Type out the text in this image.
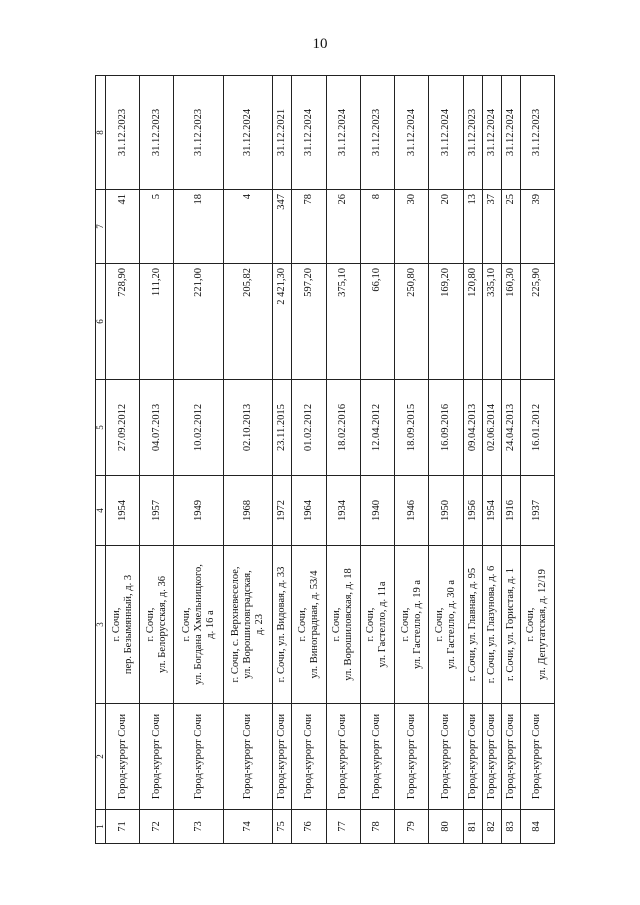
10
1	2	3	4	5	6	7	8
71	Город-курорт Сочи	г. Сочи,
пер. Безымянный, д. 3	1954	27.09.2012	728,90	41	31.12.2023
72	Город-курорт Сочи	г. Сочи,
ул. Белорусская, д. 36	1957	04.07.2013	111,20	5	31.12.2023
73	Город-курорт Сочи	г. Сочи,
ул. Богдана Хмельницкого,
д. 16 а	1949	10.02.2012	221,00	18	31.12.2023
74	Город-курорт Сочи	г. Сочи, с. Верхневеселое,
ул. Ворошиловградская,
д. 23	1968	02.10.2013	205,82	4	31.12.2024
75	Город-курорт Сочи	г. Сочи, ул. Видовая, д. 33	1972	23.11.2015	2 421,30	347	31.12.2021
76	Город-курорт Сочи	г. Сочи,
ул. Виноградная, д. 53/4	1964	01.02.2012	597,20	78	31.12.2024
77	Город-курорт Сочи	г. Сочи,
ул. Ворошиловская, д. 18	1934	18.02.2016	375,10	26	31.12.2024
78	Город-курорт Сочи	г. Сочи,
ул. Гастелло, д. 11а	1940	12.04.2012	66,10	8	31.12.2023
79	Город-курорт Сочи	г. Сочи,
ул. Гастелло, д. 19 а	1946	18.09.2015	250,80	30	31.12.2024
80	Город-курорт Сочи	г. Сочи,
ул. Гастелло, д. 30 а	1950	16.09.2016	169,20	20	31.12.2024
81	Город-курорт Сочи	г. Сочи, ул. Главная, д. 95	1956	09.04.2013	120,80	13	31.12.2023
82	Город-курорт Сочи	г. Сочи, ул. Глазунова, д. 6	1954	02.06.2014	335,10	37	31.12.2024
83	Город-курорт Сочи	г. Сочи, ул. Гористая, д. 1	1916	24.04.2013	160,30	25	31.12.2024
84	Город-курорт Сочи	г. Сочи,
ул. Депутатская, д. 12/19	1937	16.01.2012	225,90	39	31.12.2023
